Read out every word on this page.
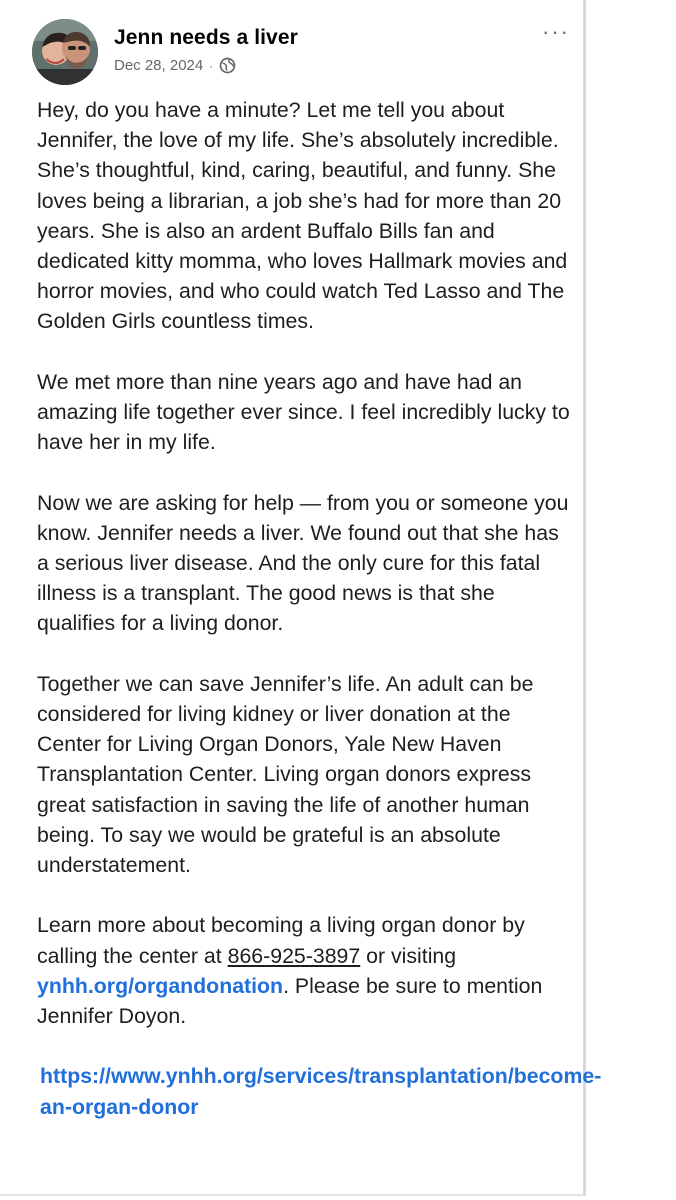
Jenn needs a liver
Dec 28, 2024 ·
···

Hey, do you have a minute? Let me tell you about Jennifer, the love of my life. She’s absolutely incredible. She’s thoughtful, kind, caring, beautiful, and funny. She loves being a librarian, a job she’s had for more than 20 years. She is also an ardent Buffalo Bills fan and dedicated kitty momma, who loves Hallmark movies and horror movies, and who could watch Ted Lasso and The Golden Girls countless times.

We met more than nine years ago and have had an amazing life together ever since. I feel incredibly lucky to have her in my life.

Now we are asking for help — from you or someone you know. Jennifer needs a liver. We found out that she has a serious liver disease. And the only cure for this fatal illness is a transplant. The good news is that she qualifies for a living donor.

Together we can save Jennifer’s life. An adult can be considered for living kidney or liver donation at the Center for Living Organ Donors, Yale New Haven Transplantation Center. Living organ donors express great satisfaction in saving the life of another human being. To say we would be grateful is an absolute understatement.

Learn more about becoming a living organ donor by calling the center at 866-925-3897 or visiting ynhh.org/organdonation. Please be sure to mention Jennifer Doyon.

https://www.ynhh.org/services/transplantation/become-an-organ-donor
